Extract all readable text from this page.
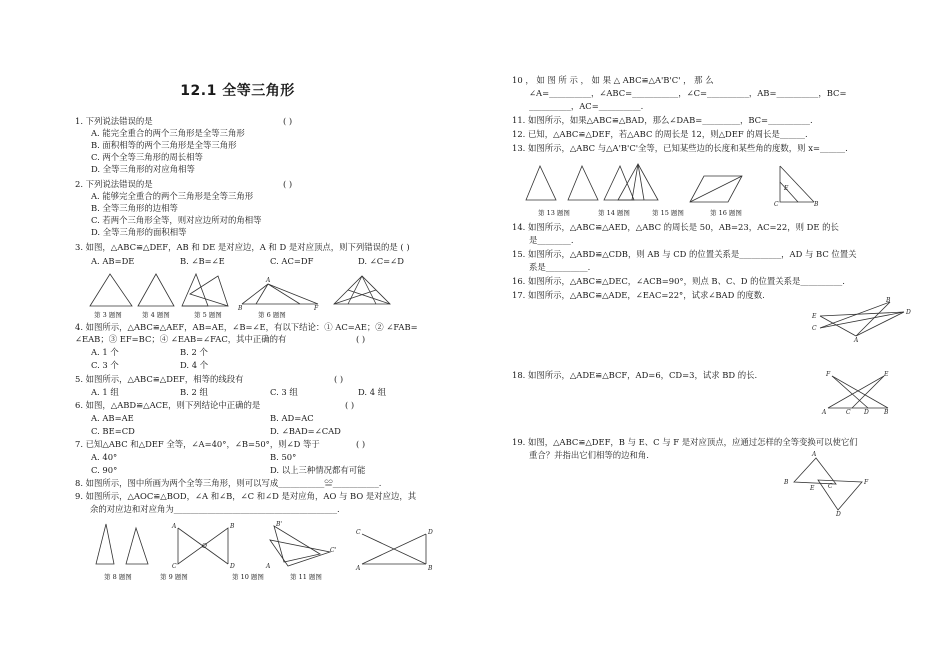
12.1 全等三角形
1. 下列说法错误的是	( )
A. 能完全重合的两个三角形是全等三角形
B. 面积相等的两个三角形是全等三角形
C. 两个全等三角形的周长相等
D. 全等三角形的对应角相等
2. 下列说法错误的是	( )
A. 能够完全重合的两个三角形是全等三角形
B. 全等三角形的边相等
C. 若两个三角形全等，则对应边所对的角相等
D. 全等三角形的面积相等
3. 如图，△ABC≌△DEF，AB 和 DE 是对应边，A 和 D 是对应顶点，则下列错误的是 ( )
A. AB=DE	B. ∠B=∠E	C. AC=DF	D. ∠C=∠D
B
A
F
第 3 题图	第 4 题图	第 5 题图	第 6 题图
4. 如图所示，△ABC≌△AEF，AB=AE，∠B=∠E，有以下结论：① AC=AE；② ∠FAB=
∠EAB；③ EF=BC；④ ∠EAB=∠FAC，其中正确的有	( )
A. 1 个	B. 2 个
C. 3 个	D. 4 个
5. 如图所示，△ABC≌△DEF，相等的线段有	( )
A. 1 组	B. 2 组	C. 3 组	D. 4 组
6. 如图，△ABD≌△ACE，则下列结论中正确的是	( )
A. AB=AE	B. AD=AC
C. BE=CD	D. ∠BAD=∠CAD
7. 已知△ABC 和△DEF 全等，∠A=40°，∠B=50°，则∠D 等于	( )
A. 40°	B. 50°
C. 90°	D. 以上三种情况都有可能
8. 如图所示，图中所画为两个全等三角形，则可以写成___________≌___________.
9. 如图所示，△AOC≌△BOD，∠A 和∠B，∠C 和∠D 是对应角，AO 与 BO 是对应边，其
余的对应边和对应角为_______________________________________.
A	B
C	D
O
B'
C'
A
C	D
A	B
第 8 题图	第 9 题图	第 10 题图	第 11 题图
10 ， 如 图 所 示 ， 如 果 △ ABC≌△A'B'C' ， 那 么
∠A=__________，∠ABC=___________，∠C=__________，AB=__________，BC=
__________，AC=__________.
11. 如图所示，如果△ABC≌△BAD，那么∠DAB=_________，BC=__________.
12. 已知，△ABC≌△DEF，若△ABC 的周长是 12，则△DEF 的周长是______.
13. 如图所示，△ABC 与△A'B'C'全等，已知某些边的长度和某些角的度数，则 x=______.
E
C	B
第 13 题图	第 14 题图	第 15 题图	第 16 题图
14. 如图所示，△ABC≌△AED，△ABC 的周长是 50，AB=23，AC=22，则 DE 的长
是________.
15. 如图所示，△ABD≌△CDB，则 AB 与 CD 的位置关系是__________，AD 与 BC 位置关
系是__________.
16. 如图所示，△ABC≌△DEC，∠ACB=90°，则点 B、C、D 的位置关系是__________.
17. 如图所示，△ABC≌△ADE，∠EAC=22°，试求∠BAD 的度数.
B
D
E
C
A
18. 如图所示，△ADE≌△BCF，AD=6，CD=3，试求 BD 的长.	F	E
A	C D	B
19. 如图，△ABC≌△DEF，B 与 E、C 与 F 是对应顶点，应通过怎样的全等变换可以使它们
重合？并指出它们相等的边和角.	A
B
E C
F
D
